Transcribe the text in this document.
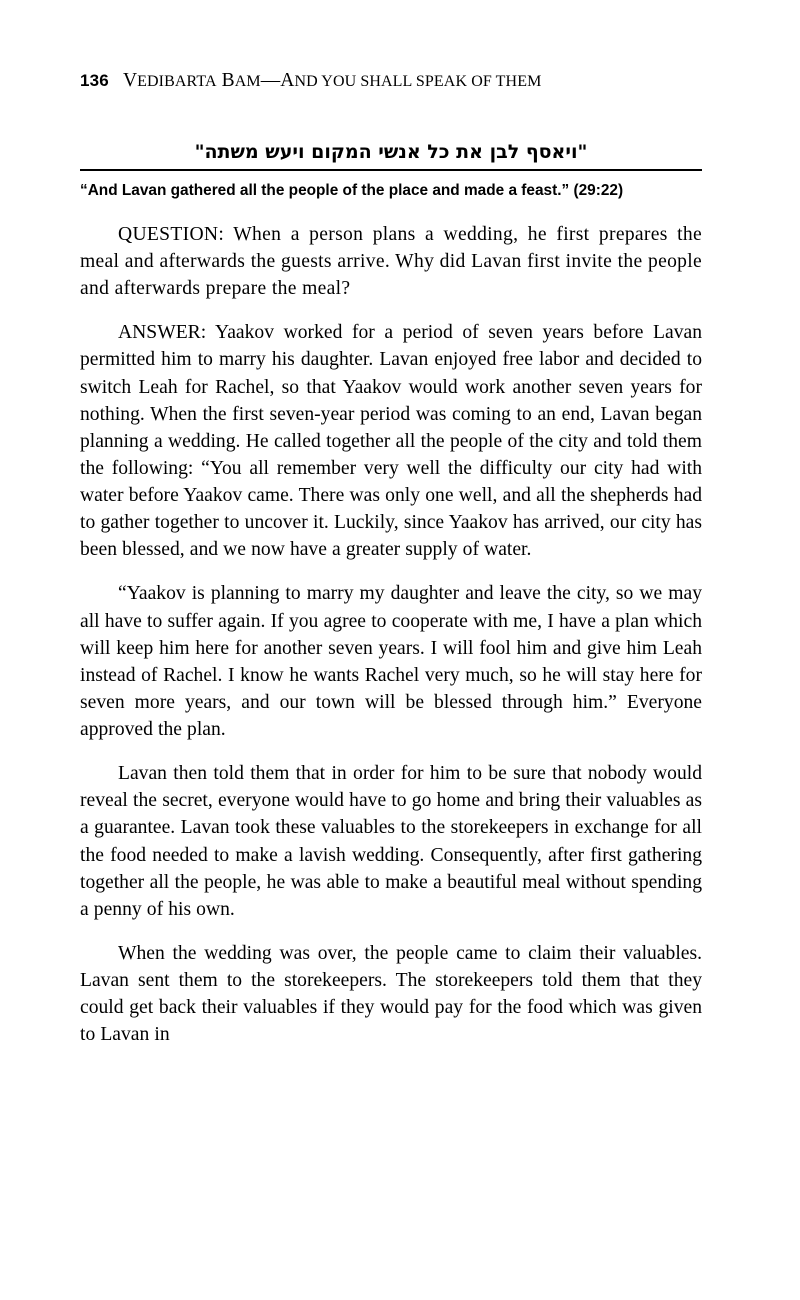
136 VEDIBARTA BAM—AND YOU SHALL SPEAK OF THEM
"ויאסף לבן את כל אנשי המקום ויעש משתה"
“And Lavan gathered all the people of the place and made a feast.” (29:22)

QUESTION: When a person plans a wedding, he first prepares the meal and afterwards the guests arrive. Why did Lavan first invite the people and afterwards prepare the meal?

ANSWER: Yaakov worked for a period of seven years before Lavan permitted him to marry his daughter. Lavan enjoyed free labor and decided to switch Leah for Rachel, so that Yaakov would work another seven years for nothing. When the first seven-year period was coming to an end, Lavan began planning a wedding. He called together all the people of the city and told them the following: “You all remember very well the difficulty our city had with water before Yaakov came. There was only one well, and all the shepherds had to gather together to uncover it. Luckily, since Yaakov has arrived, our city has been blessed, and we now have a greater supply of water.

“Yaakov is planning to marry my daughter and leave the city, so we may all have to suffer again. If you agree to cooperate with me, I have a plan which will keep him here for another seven years. I will fool him and give him Leah instead of Rachel. I know he wants Rachel very much, so he will stay here for seven more years, and our town will be blessed through him.” Everyone approved the plan.

Lavan then told them that in order for him to be sure that nobody would reveal the secret, everyone would have to go home and bring their valuables as a guarantee. Lavan took these valuables to the storekeepers in exchange for all the food needed to make a lavish wedding. Consequently, after first gathering together all the people, he was able to make a beautiful meal without spending a penny of his own.

When the wedding was over, the people came to claim their valuables. Lavan sent them to the storekeepers. The storekeepers told them that they could get back their valuables if they would pay for the food which was given to Lavan in
